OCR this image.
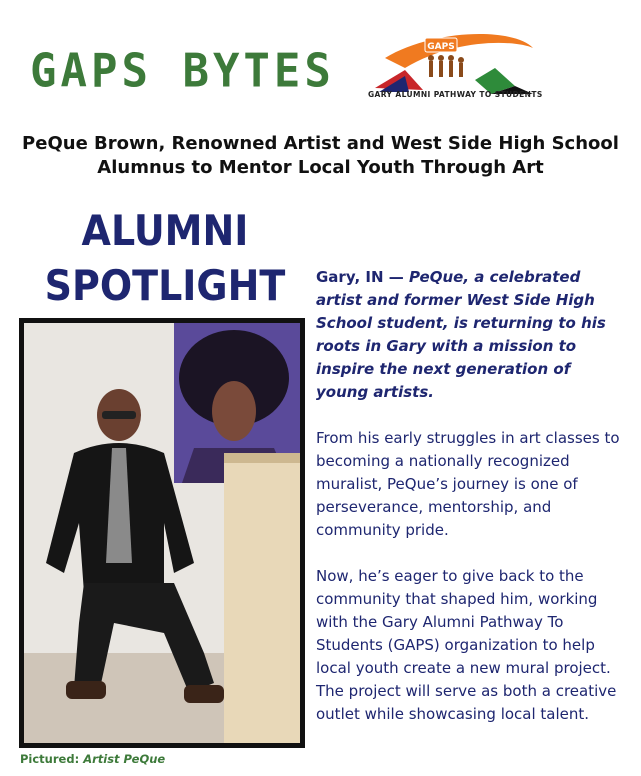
GAPS BYTES	GAPS
GARY ALUMNI PATHWAY TO STUDENTS
PeQue Brown, Renowned Artist and West Side High School
Alumnus to Mentor Local Youth Through Art
ALUMNI
SPOTLIGHT
Pictured: Artist PeQue

Gary, IN — PeQue, a celebrated artist and former West Side High School student, is returning to his roots in Gary with a mission to inspire the next generation of young artists.

From his early struggles in art classes to becoming a nationally recognized muralist, PeQue’s journey is one of perseverance, mentorship, and community pride.

Now, he’s eager to give back to the community that shaped him, working with the Gary Alumni Pathway To Students (GAPS) organization to help local youth create a new mural project. The project will serve as both a creative outlet while showcasing local talent.
